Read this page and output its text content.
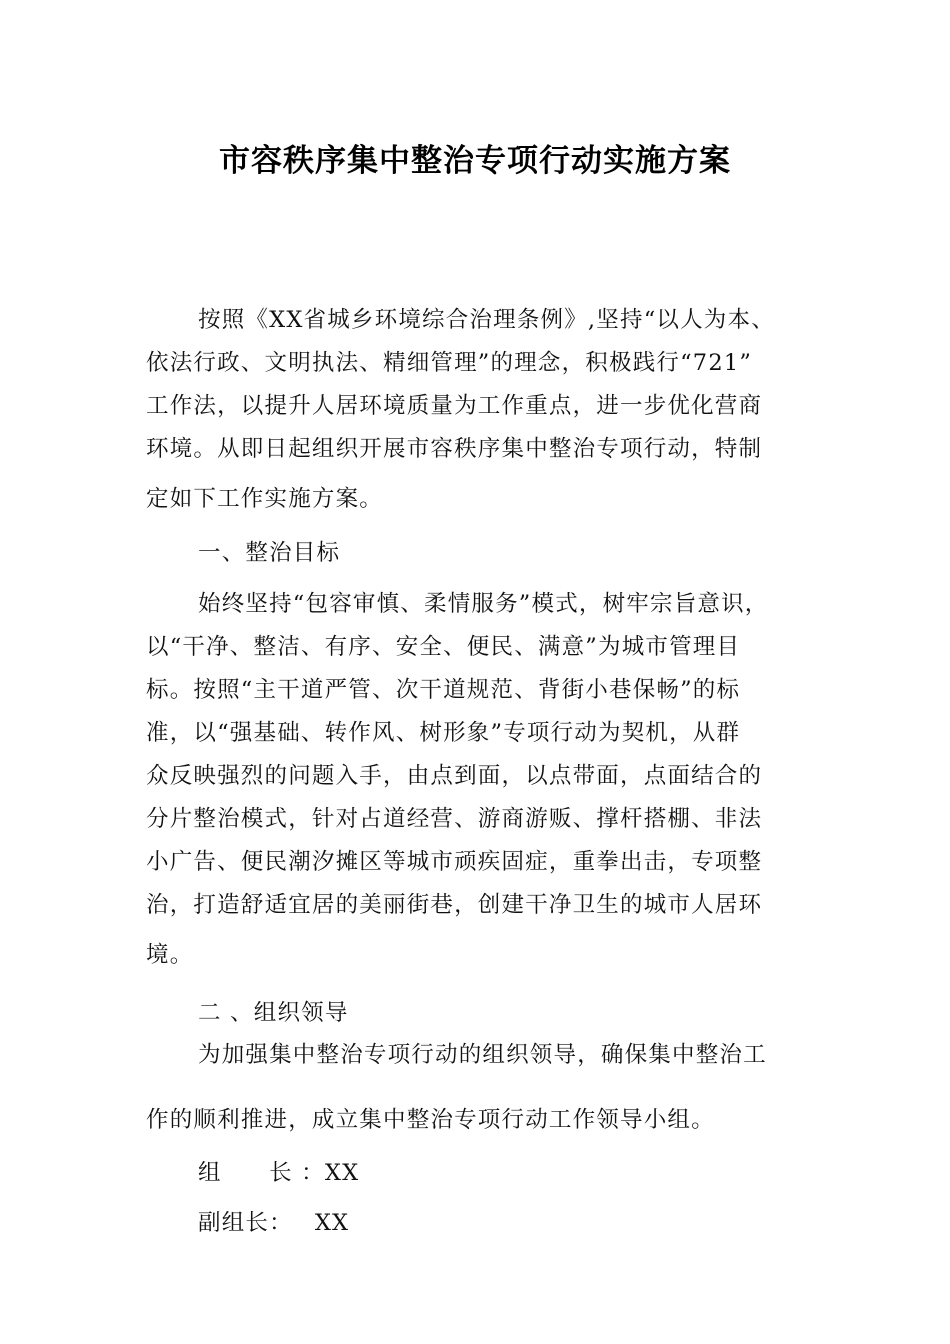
市容秩序集中整治专项行动实施方案
按照《XX省城乡环境综合治理条例》,坚持“以人为本、
依法行政、文明执法、精细管理”的理念，积极践行“721”
工作法，以提升人居环境质量为工作重点，进一步优化营商
环境。从即日起组织开展市容秩序集中整治专项行动，特制
定如下工作实施方案。
一、整治目标
始终坚持“包容审慎、柔情服务”模式，树牢宗旨意识，
以“干净、整洁、有序、安全、便民、满意”为城市管理目
标。按照“主干道严管、次干道规范、背街小巷保畅”的标
准，以“强基础、转作风、树形象”专项行动为契机，从群
众反映强烈的问题入手，由点到面，以点带面，点面结合的
分片整治模式，针对占道经营、游商游贩、撑杆搭棚、非法
小广告、便民潮汐摊区等城市顽疾固症，重拳出击，专项整
治，打造舒适宜居的美丽街巷，创建干净卫生的城市人居环
境。
二 、组织领导
为加强集中整治专项行动的组织领导，确保集中整治工
作的顺利推进，成立集中整治专项行动工作领导小组。
组　　长 ：XX
副组长： XX
